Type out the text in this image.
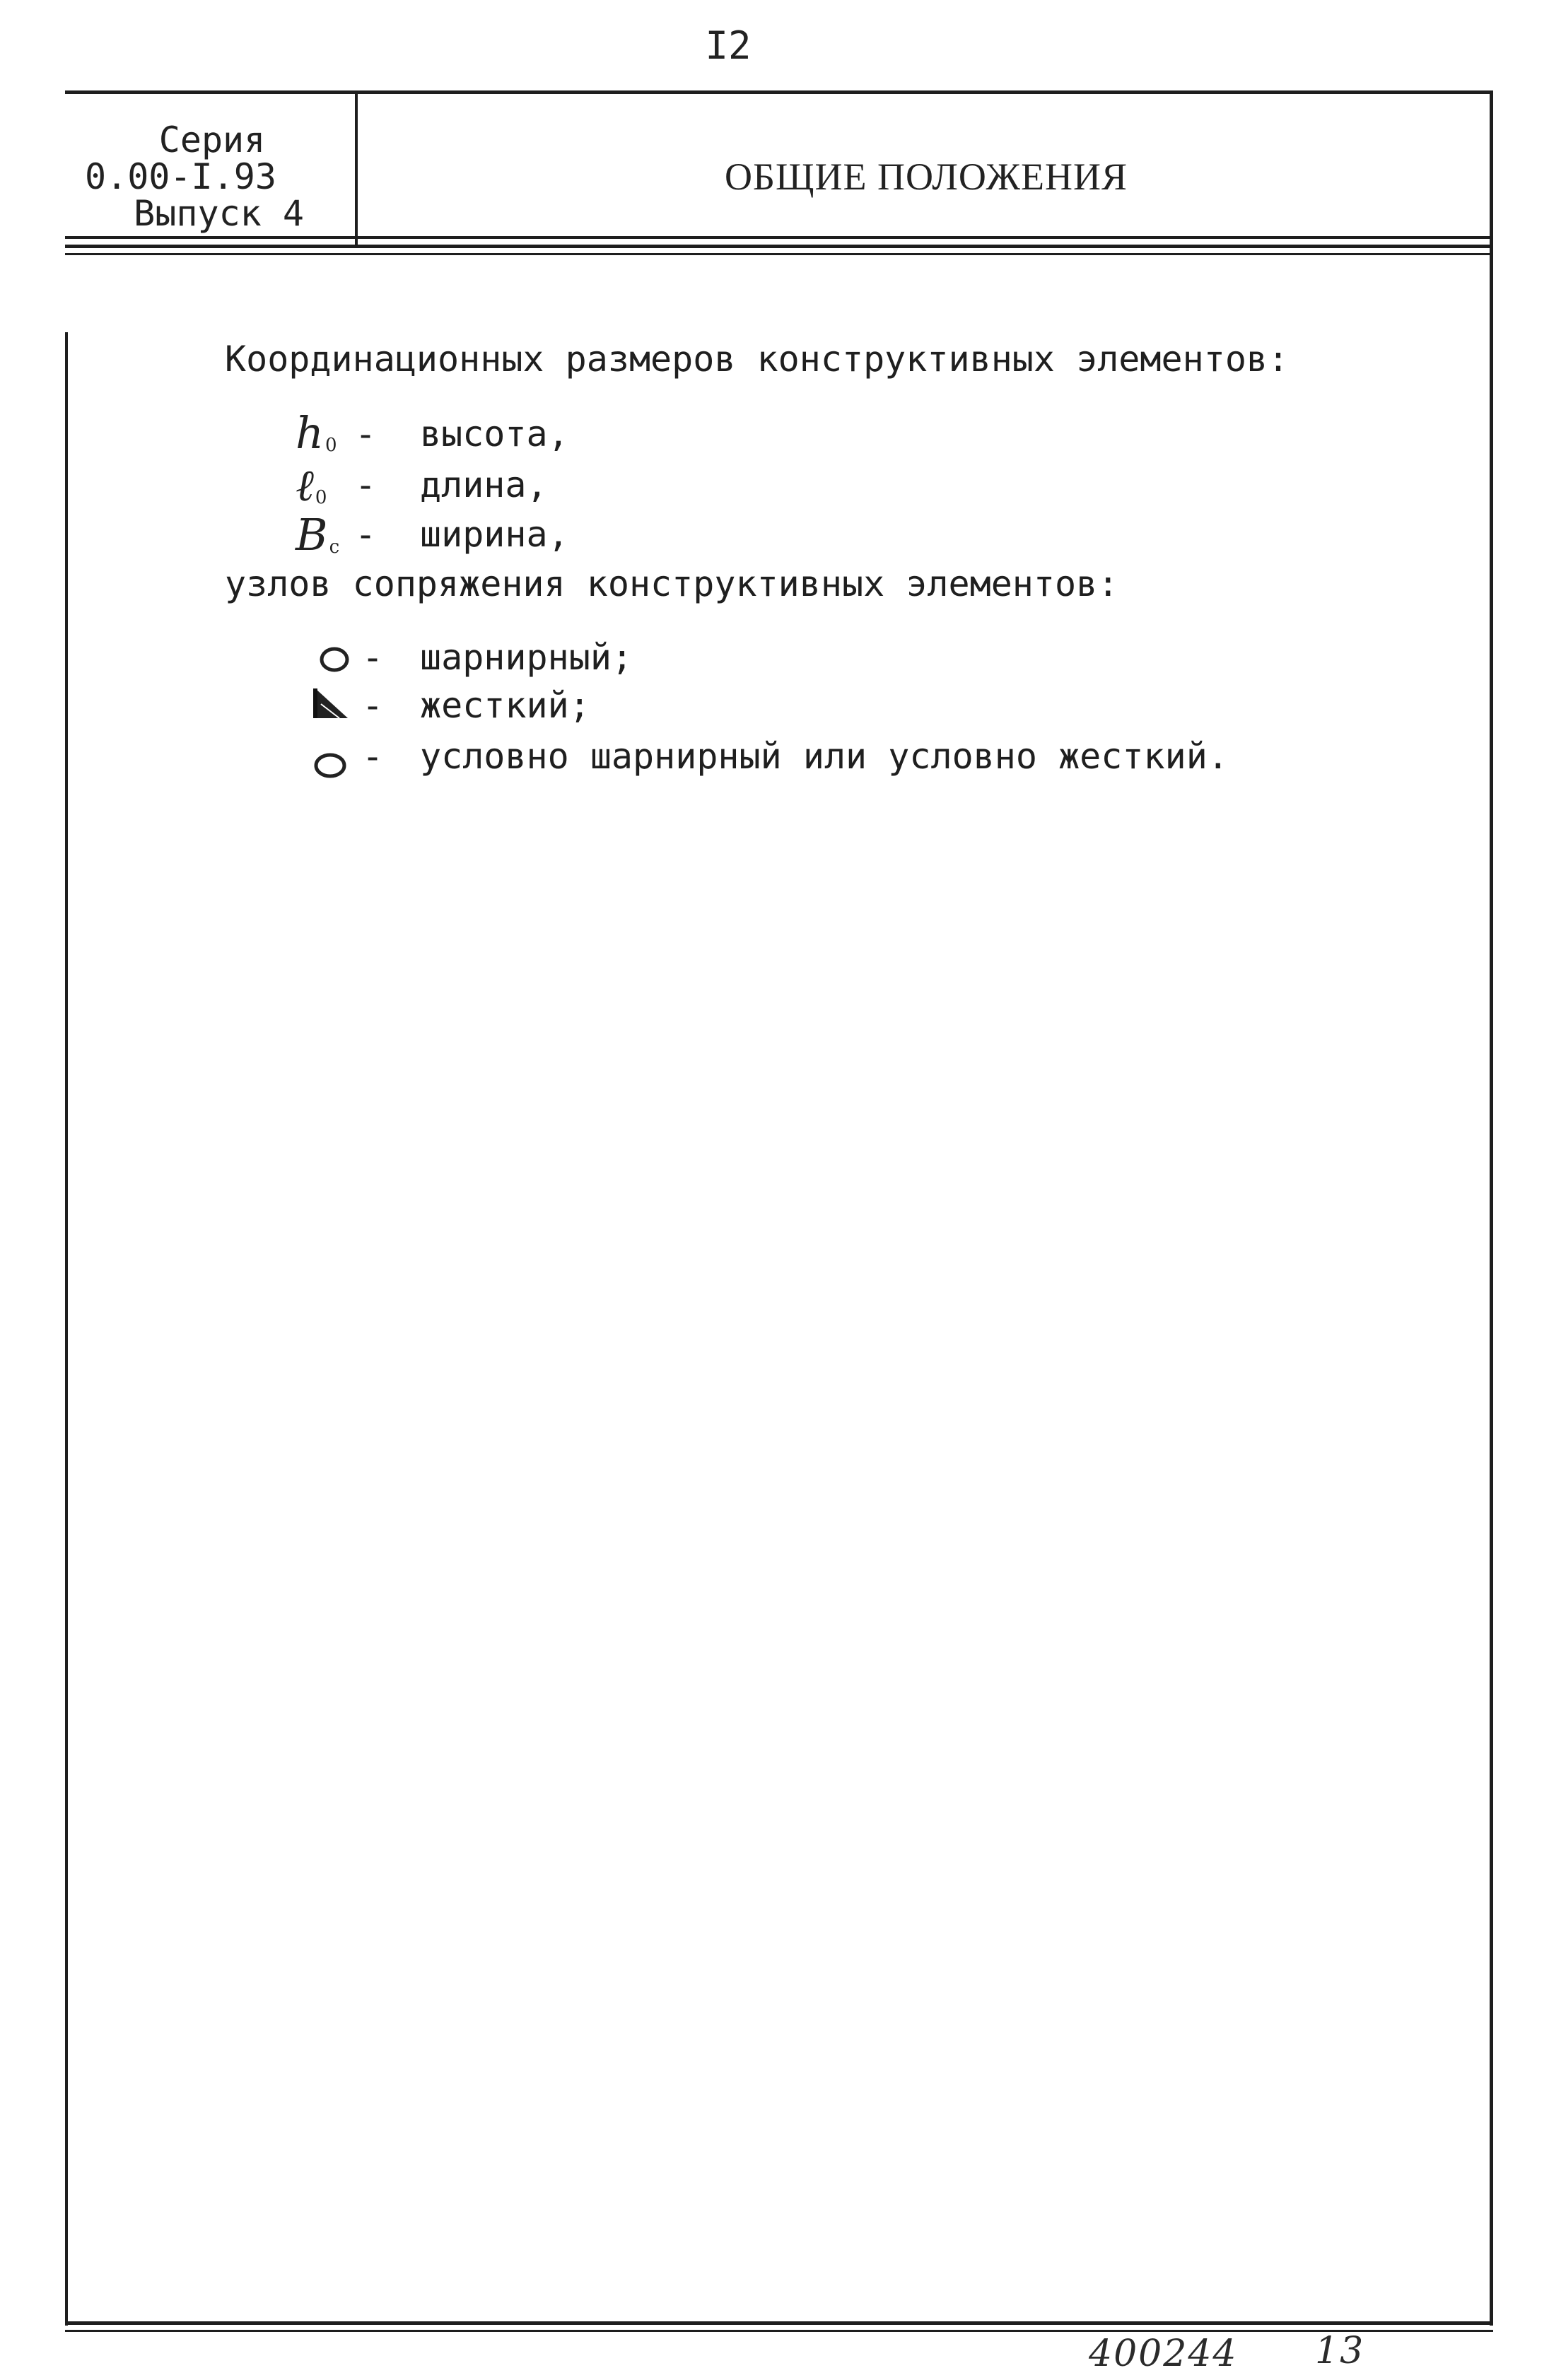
I2
Серия
0.00-I.93
Выпуск 4
ОБЩИЕ ПОЛОЖЕНИЯ
Координационных размеров конструктивных элементов:
$h_0$ - высота,
ℓ$_0$ - длина,
$B_c$ - ширина,
узлов сопряжения конструктивных элементов:
- шарнирный;
- жесткий;
- условно шарнирный или условно жесткий.
400244 13
